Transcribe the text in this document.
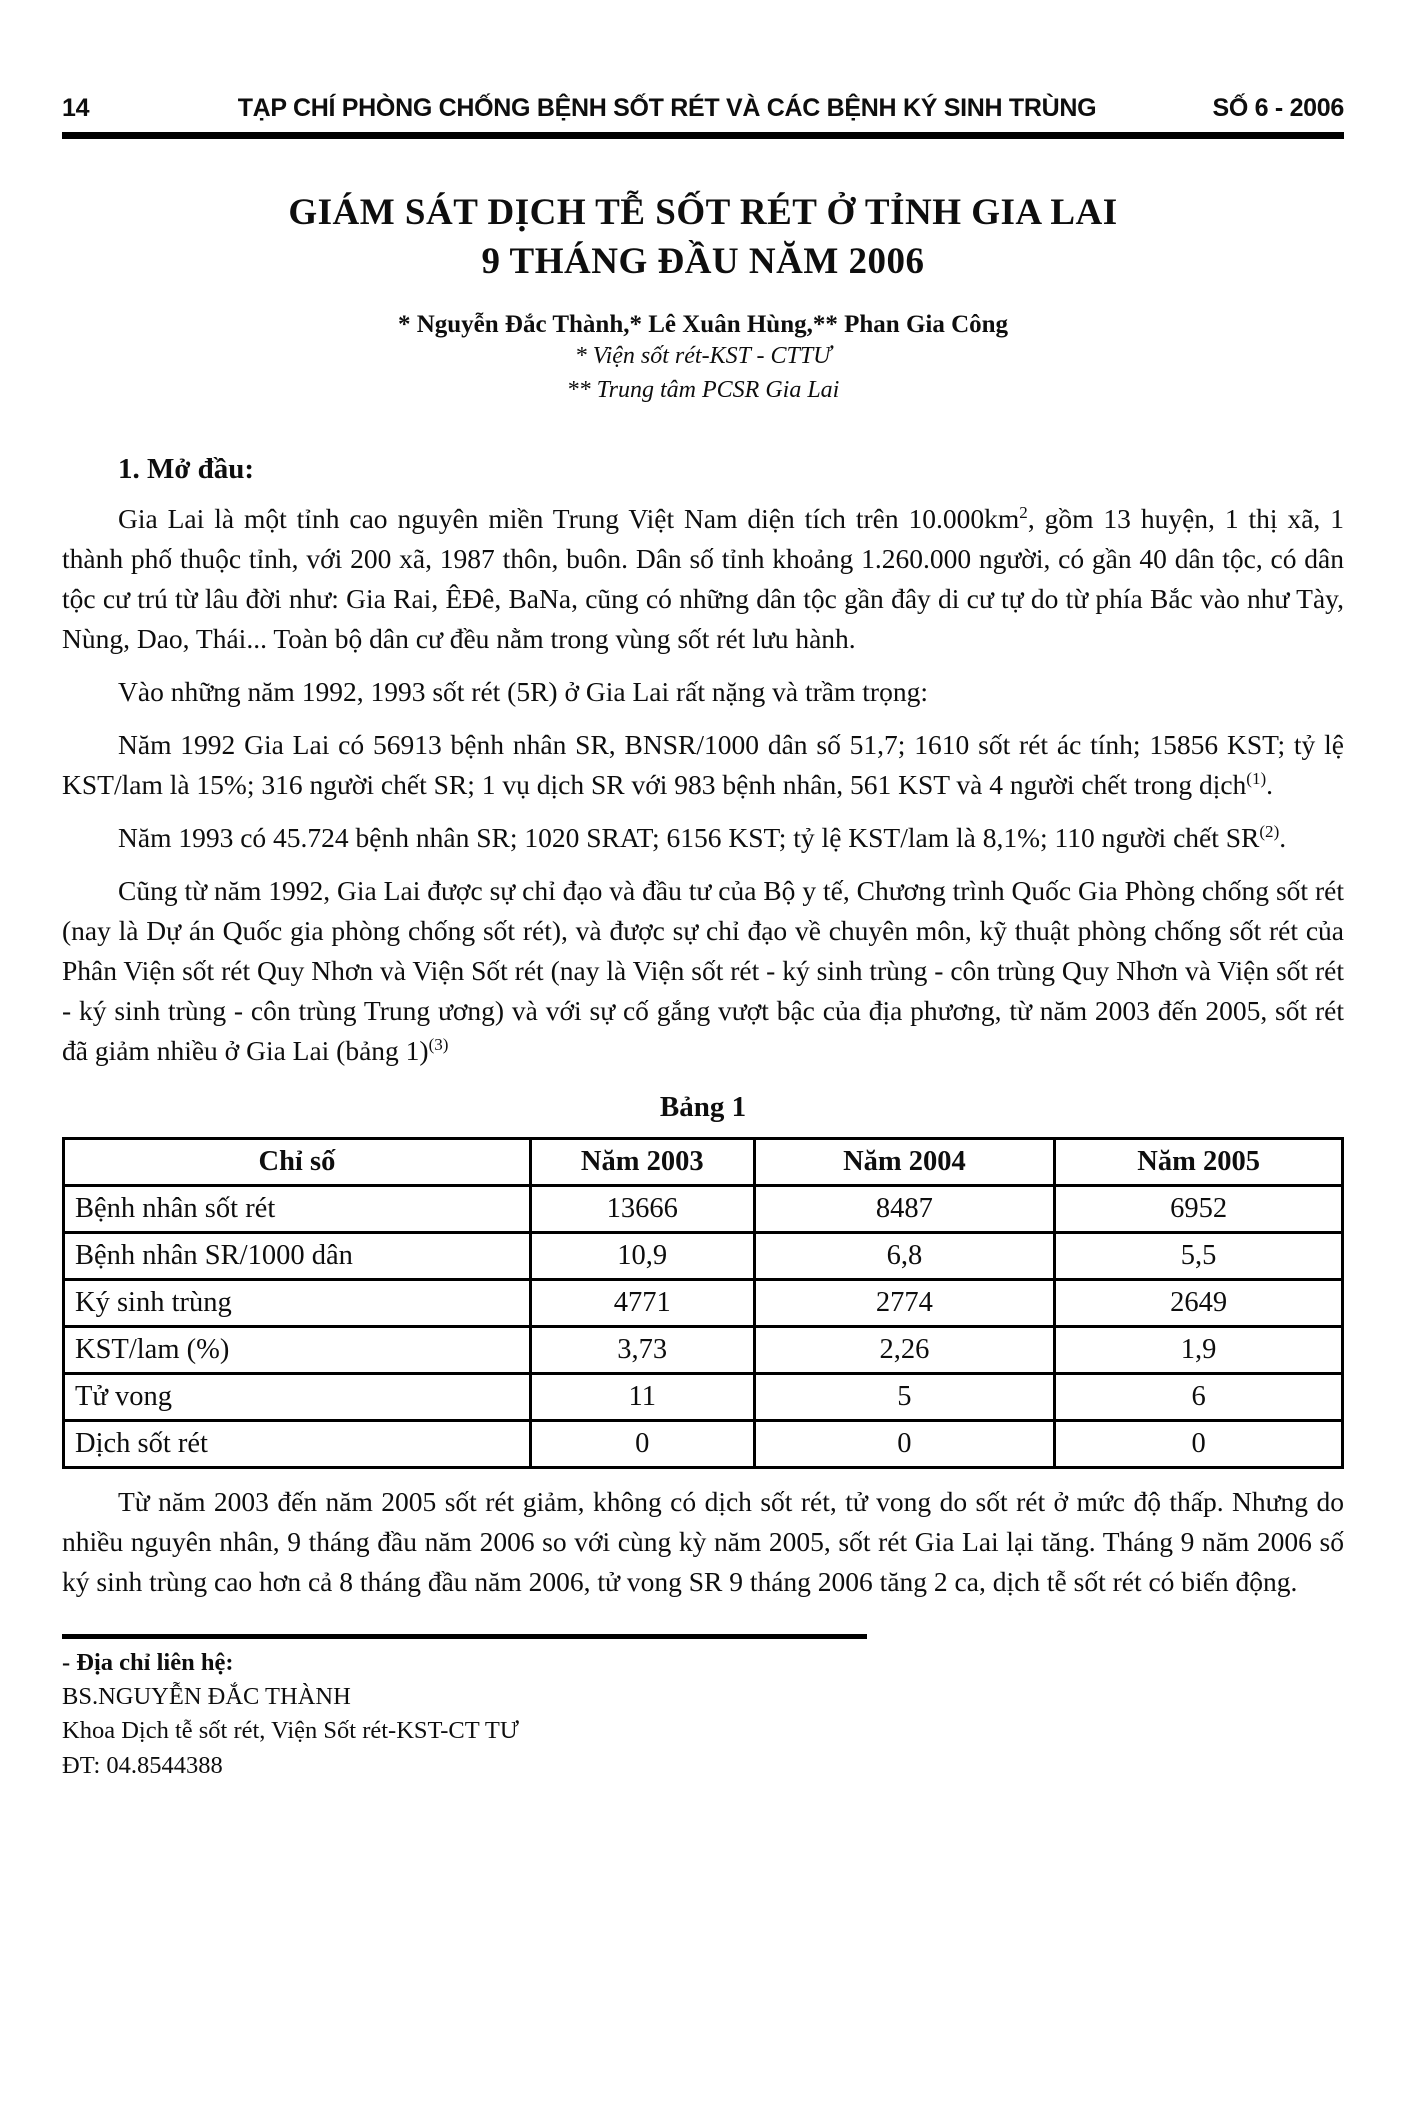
14	TẠP CHÍ PHÒNG CHỐNG BỆNH SỐT RÉT VÀ CÁC BỆNH KÝ SINH TRÙNG	SỐ 6 - 2006
GIÁM SÁT DỊCH TỄ SỐT RÉT Ở TỈNH GIA LAI
9 THÁNG ĐẦU NĂM 2006
* Nguyễn Đắc Thành,* Lê Xuân Hùng,** Phan Gia Công
* Viện sốt rét-KST - CTTƯ
** Trung tâm PCSR Gia Lai
1. Mở đầu:

Gia Lai là một tỉnh cao nguyên miền Trung Việt Nam diện tích trên 10.000km$^2$, gồm 13 huyện, 1 thị xã, 1 thành phố thuộc tỉnh, với 200 xã, 1987 thôn, buôn. Dân số tỉnh khoảng 1.260.000 người, có gần 40 dân tộc, có dân tộc cư trú từ lâu đời như: Gia Rai, ÊĐê, BaNa, cũng có những dân tộc gần đây di cư tự do từ phía Bắc vào như Tày, Nùng, Dao, Thái... Toàn bộ dân cư đều nằm trong vùng sốt rét lưu hành.

Vào những năm 1992, 1993 sốt rét (5R) ở Gia Lai rất nặng và trầm trọng:

Năm 1992 Gia Lai có 56913 bệnh nhân SR, BNSR/1000 dân số 51,7; 1610 sốt rét ác tính; 15856 KST; tỷ lệ KST/lam là 15%; 316 người chết SR; 1 vụ dịch SR với 983 bệnh nhân, 561 KST và 4 người chết trong dịch$^{(1)}$.

Năm 1993 có 45.724 bệnh nhân SR; 1020 SRAT; 6156 KST; tỷ lệ KST/lam là 8,1%; 110 người chết SR$^{(2)}$.

Cũng từ năm 1992, Gia Lai được sự chỉ đạo và đầu tư của Bộ y tế, Chương trình Quốc Gia Phòng chống sốt rét (nay là Dự án Quốc gia phòng chống sốt rét), và được sự chỉ đạo về chuyên môn, kỹ thuật phòng chống sốt rét của Phân Viện sốt rét Quy Nhơn và Viện Sốt rét (nay là Viện sốt rét - ký sinh trùng - côn trùng Quy Nhơn và Viện sốt rét - ký sinh trùng - côn trùng Trung ương) và với sự cố gắng vượt bậc của địa phương, từ năm 2003 đến 2005, sốt rét đã giảm nhiều ở Gia Lai (bảng 1)$^{(3)}$

Bảng 1
Chỉ số	Năm 2003	Năm 2004	Năm 2005
Bệnh nhân sốt rét	13666	8487	6952
Bệnh nhân SR/1000 dân	10,9	6,8	5,5
Ký sinh trùng	4771	2774	2649
KST/lam (%)	3,73	2,26	1,9
Tử vong	11	5	6
Dịch sốt rét	0	0	0

Từ năm 2003 đến năm 2005 sốt rét giảm, không có dịch sốt rét, tử vong do sốt rét ở mức độ thấp. Nhưng do nhiều nguyên nhân, 9 tháng đầu năm 2006 so với cùng kỳ năm 2005, sốt rét Gia Lai lại tăng. Tháng 9 năm 2006 số ký sinh trùng cao hơn cả 8 tháng đầu năm 2006, tử vong SR 9 tháng 2006 tăng 2 ca, dịch tễ sốt rét có biến động.

- Địa chỉ liên hệ:
BS.NGUYỄN ĐẮC THÀNH
Khoa Dịch tễ sốt rét, Viện Sốt rét-KST-CT TƯ
ĐT: 04.8544388
